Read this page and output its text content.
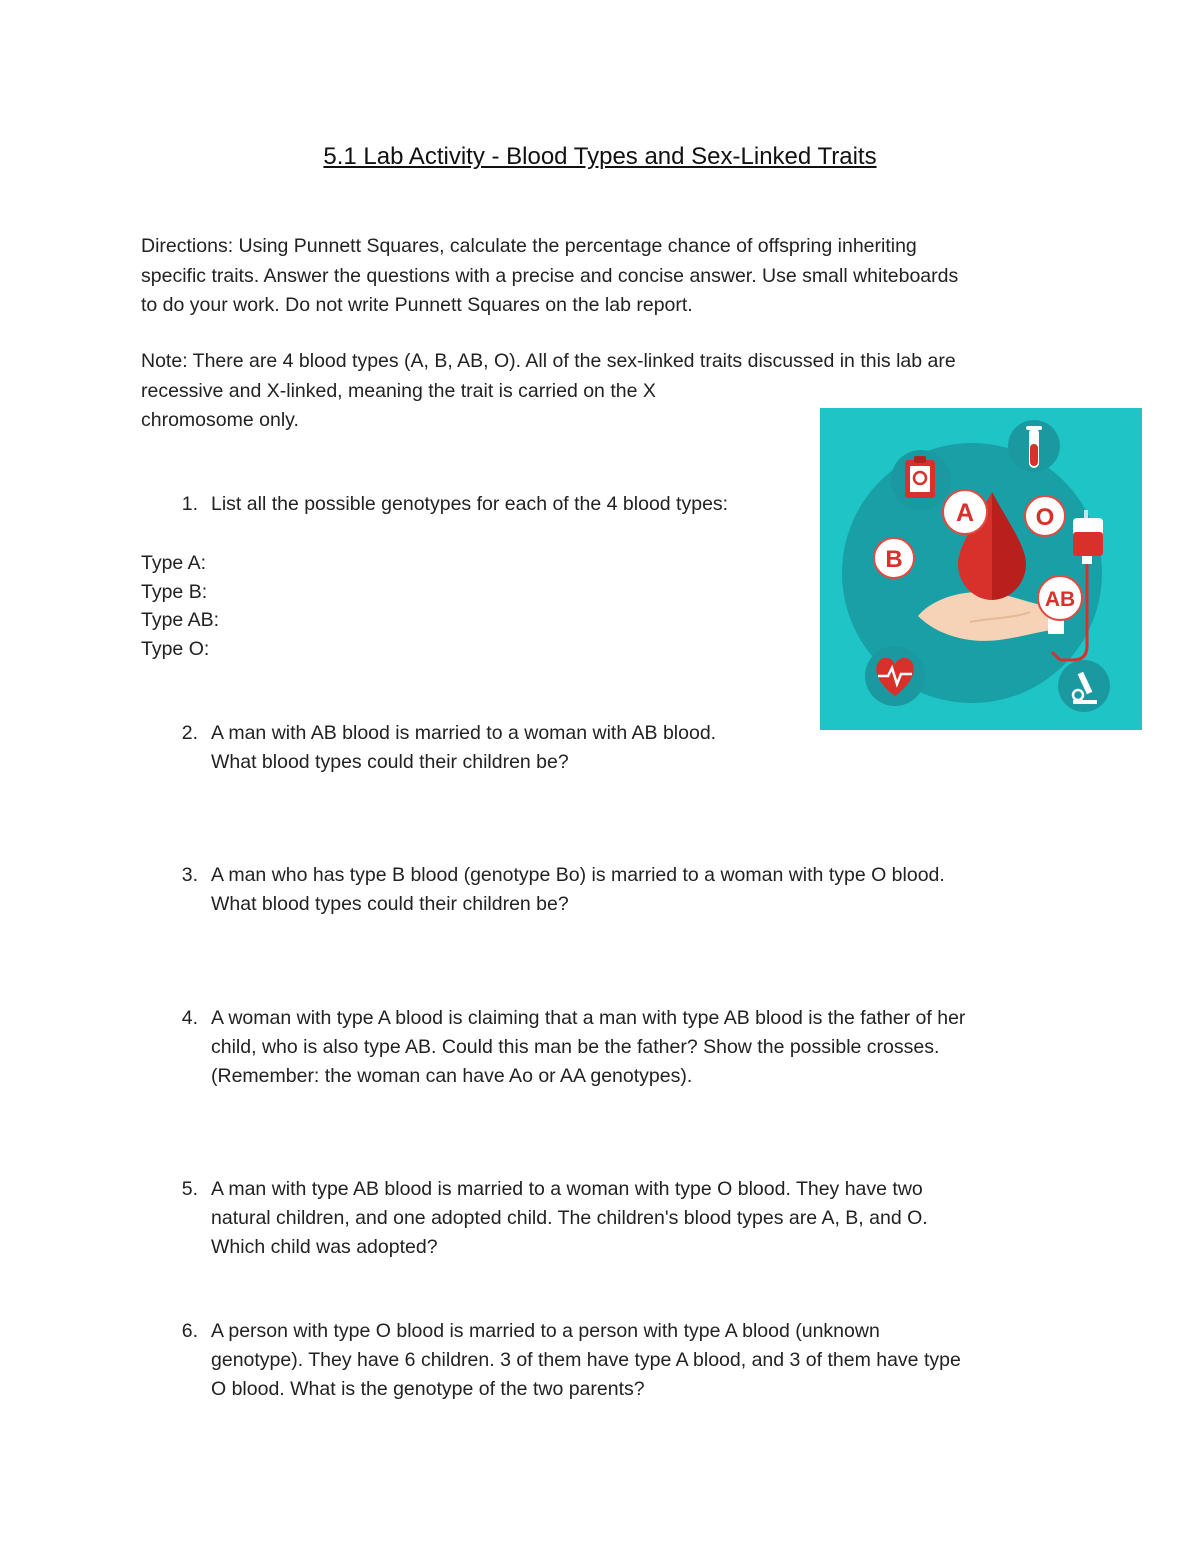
5.1 Lab Activity - Blood Types and Sex-Linked Traits

Directions: Using Punnett Squares, calculate the percentage chance of offspring inheriting
specific traits. Answer the questions with a precise and concise answer. Use small whiteboards
to do your work. Do not write Punnett Squares on the lab report.

Note: There are 4 blood types (A, B, AB, O). All of the sex-linked traits discussed in this lab are
recessive and X-linked, meaning the trait is carried on the X
chromosome only.

1. List all the possible genotypes for each of the 4 blood types:
Type A:
Type B:
Type AB:
Type O:
2. A man with AB blood is married to a woman with AB blood.
What blood types could their children be?
3. A man who has type B blood (genotype Bo) is married to a woman with type O blood.
What blood types could their children be?
4. A woman with type A blood is claiming that a man with type AB blood is the father of her
child, who is also type AB. Could this man be the father? Show the possible crosses.
(Remember: the woman can have Ao or AA genotypes).
5. A man with type AB blood is married to a woman with type O blood. They have two
natural children, and one adopted child. The children's blood types are A, B, and O.
Which child was adopted?
6. A person with type O blood is married to a person with type A blood (unknown
genotype). They have 6 children. 3 of them have type A blood, and 3 of them have type
O blood. What is the genotype of the two parents?
A	O
B
AB
